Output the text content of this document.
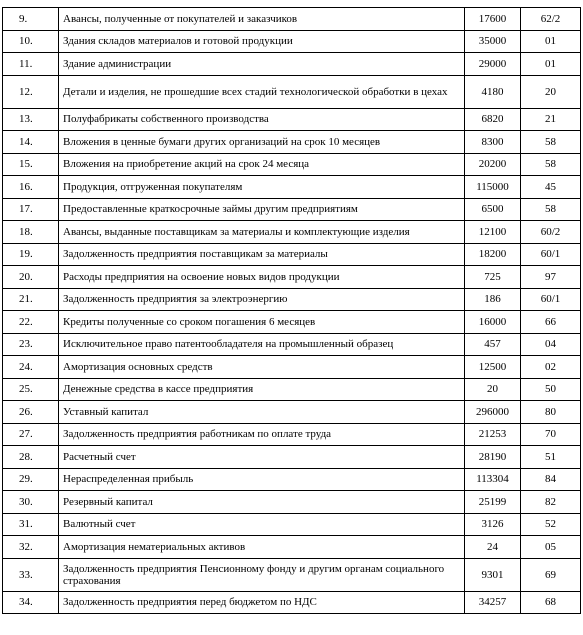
9.	Авансы, полученные от покупателей и заказчиков	17600	62/2
10.	Здания складов материалов и готовой продукции	35000	01
11.	Здание администрации	29000	01
12.	Детали и изделия, не прошедшие всех стадий технологической обработки в цехах	4180	20
13.	Полуфабрикаты собственного производства	6820	21
14.	Вложения в ценные бумаги других организаций на срок 10 месяцев	8300	58
15.	Вложения на приобретение акций на срок 24 месяца	20200	58
16.	Продукция, отгруженная покупателям	115000	45
17.	Предоставленные краткосрочные займы другим предприятиям	6500	58
18.	Авансы, выданные поставщикам за материалы и комплектующие изделия	12100	60/2
19.	Задолженность предприятия поставщикам за материалы	18200	60/1
20.	Расходы предприятия на освоение новых видов продукции	725	97
21.	Задолженность предприятия за электроэнергию	186	60/1
22.	Кредиты полученные со сроком погашения 6 месяцев	16000	66
23.	Исключительное право патентообладателя на промышленный образец	457	04
24.	Амортизация основных средств	12500	02
25.	Денежные средства в кассе предприятия	20	50
26.	Уставный капитал	296000	80
27.	Задолженность предприятия работникам по оплате труда	21253	70
28.	Расчетный счет	28190	51
29.	Нераспределенная прибыль	113304	84
30.	Резервный капитал	25199	82
31.	Валютный счет	3126	52
32.	Амортизация нематериальных активов	24	05
33.	Задолженность предприятия Пенсионному фонду и другим органам социального страхования	9301	69
34.	Задолженность предприятия перед бюджетом по НДС	34257	68
